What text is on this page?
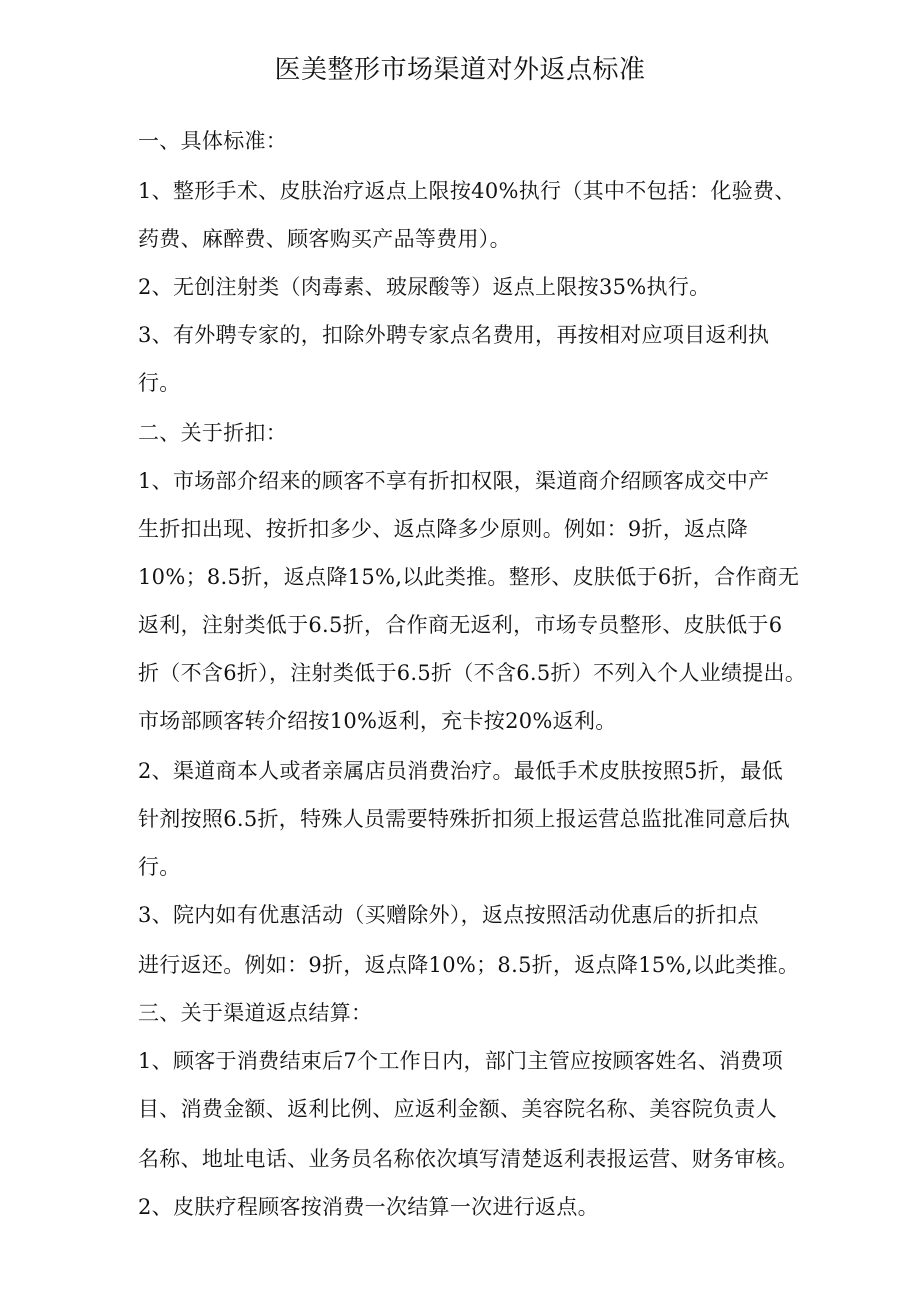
医美整形市场渠道对外返点标准
一、具体标准：
1、整形手术、皮肤治疗返点上限按40%执行（其中不包括：化验费、
药费、麻醉费、顾客购买产品等费用）。
2、无创注射类（肉毒素、玻尿酸等）返点上限按35%执行。
3、有外聘专家的，扣除外聘专家点名费用，再按相对应项目返利执
行。
二、关于折扣：
1、市场部介绍来的顾客不享有折扣权限，渠道商介绍顾客成交中产
生折扣出现、按折扣多少、返点降多少原则。例如：9折，返点降
10%；8.5折，返点降15%,以此类推。整形、皮肤低于6折，合作商无
返利，注射类低于6.5折，合作商无返利，市场专员整形、皮肤低于6
折（不含6折），注射类低于6.5折（不含6.5折）不列入个人业绩提出。
市场部顾客转介绍按10%返利，充卡按20%返利。
2、渠道商本人或者亲属店员消费治疗。最低手术皮肤按照5折，最低
针剂按照6.5折，特殊人员需要特殊折扣须上报运营总监批准同意后执
行。
3、院内如有优惠活动（买赠除外），返点按照活动优惠后的折扣点
进行返还。例如：9折，返点降10%；8.5折，返点降15%,以此类推。
三、关于渠道返点结算：
1、顾客于消费结束后7个工作日内，部门主管应按顾客姓名、消费项
目、消费金额、返利比例、应返利金额、美容院名称、美容院负责人
名称、地址电话、业务员名称依次填写清楚返利表报运营、财务审核。
2、皮肤疗程顾客按消费一次结算一次进行返点。
